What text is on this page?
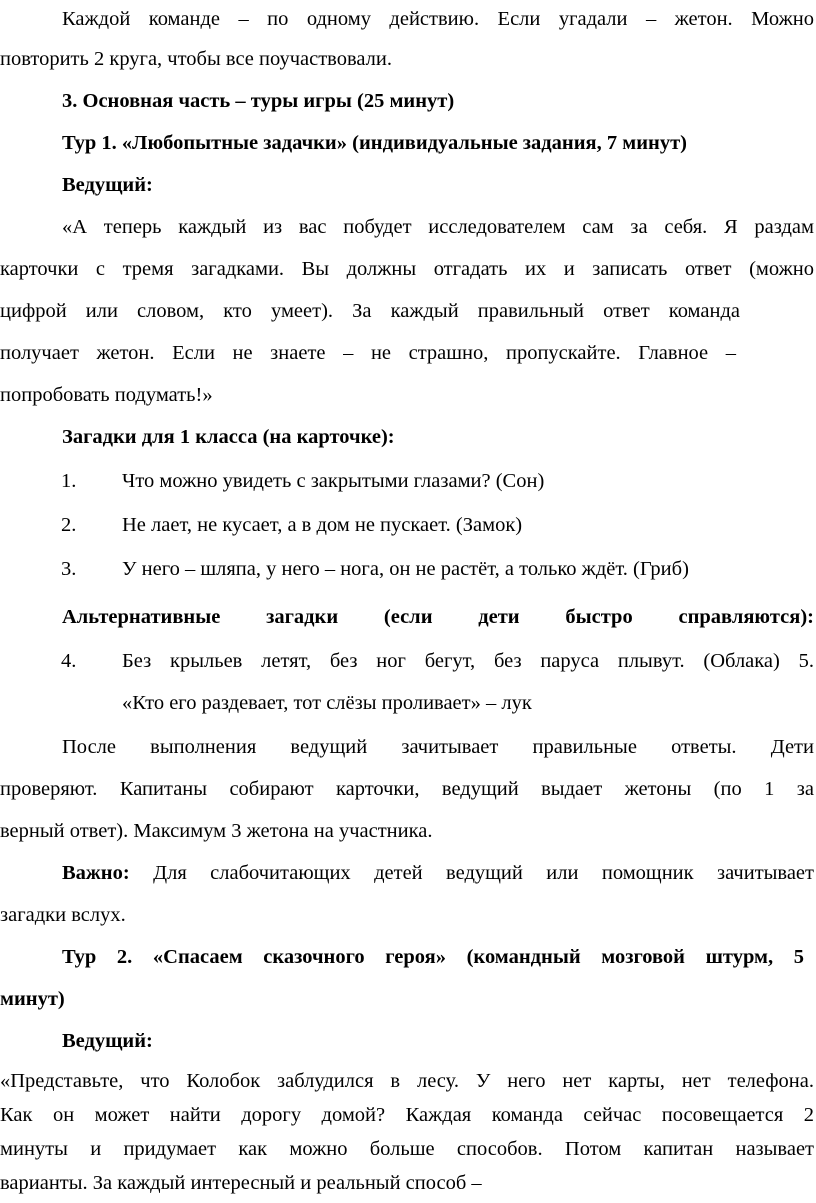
Каждой команде – по одному действию. Если угадали – жетон. Можно
повторить 2 круга, чтобы все поучаствовали.
3. Основная часть – туры игры (25 минут)
Тур 1. «Любопытные задачки» (индивидуальные задания, 7 минут)
Ведущий:
«А теперь каждый из вас побудет исследователем сам за себя. Я раздам
карточки с тремя загадками. Вы должны отгадать их и записать ответ (можно
цифрой или словом, кто умеет). За каждый правильный ответ команда
получает жетон. Если не знаете – не страшно, пропускайте. Главное –
попробовать подумать!»
Загадки для 1 класса (на карточке):
1. Что можно увидеть с закрытыми глазами? (Сон)
2. Не лает, не кусает, а в дом не пускает. (Замок)
3. У него – шляпа, у него – нога, он не растёт, а только ждёт. (Гриб)
Альтернативные загадки (если дети быстро справляются):
4. Без крыльев летят, без ног бегут, без паруса плывут. (Облака) 5.
«Кто его раздевает, тот слёзы проливает» – лук
После выполнения ведущий зачитывает правильные ответы. Дети
проверяют. Капитаны собирают карточки, ведущий выдает жетоны (по 1 за
верный ответ). Максимум 3 жетона на участника.
Важно: Для слабочитающих детей ведущий или помощник зачитывает
загадки вслух.
Тур 2. «Спасаем сказочного героя» (командный мозговой штурм, 5
минут)
Ведущий:
«Представьте, что Колобок заблудился в лесу. У него нет карты, нет телефона.
Как он может найти дорогу домой? Каждая команда сейчас посовещается 2
минуты и придумает как можно больше способов. Потом капитан называет
варианты. За каждый интересный и реальный способ –
